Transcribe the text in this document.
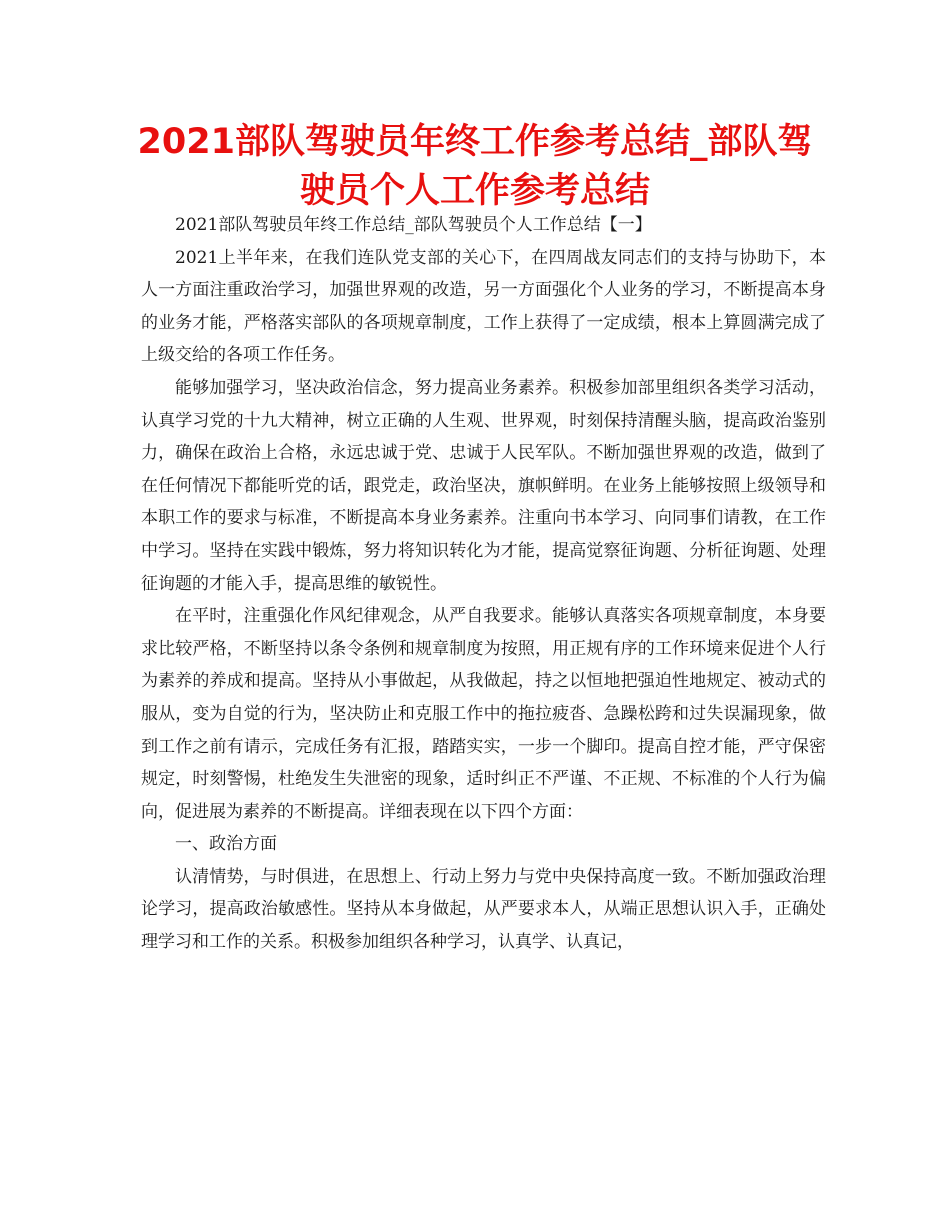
2021部队驾驶员年终工作参考总结_部队驾驶员个人工作参考总结

2021部队驾驶员年终工作总结_部队驾驶员个人工作总结【一】

2021上半年来，在我们连队党支部的关心下，在四周战友同志们的支持与协助下，本人一方面注重政治学习，加强世界观的改造，另一方面强化个人业务的学习，不断提高本身的业务才能，严格落实部队的各项规章制度，工作上获得了一定成绩，根本上算圆满完成了上级交给的各项工作任务。

能够加强学习，坚决政治信念，努力提高业务素养。积极参加部里组织各类学习活动，认真学习党的十九大精神，树立正确的人生观、世界观，时刻保持清醒头脑，提高政治鉴别力，确保在政治上合格，永远忠诚于党、忠诚于人民军队。不断加强世界观的改造，做到了在任何情况下都能听党的话，跟党走，政治坚决，旗帜鲜明。在业务上能够按照上级领导和本职工作的要求与标准，不断提高本身业务素养。注重向书本学习、向同事们请教，在工作中学习。坚持在实践中锻炼，努力将知识转化为才能，提高觉察征询题、分析征询题、处理征询题的才能入手，提高思维的敏锐性。

在平时，注重强化作风纪律观念，从严自我要求。能够认真落实各项规章制度，本身要求比较严格，不断坚持以条令条例和规章制度为按照，用正规有序的工作环境来促进个人行为素养的养成和提高。坚持从小事做起，从我做起，持之以恒地把强迫性地规定、被动式的服从，变为自觉的行为，坚决防止和克服工作中的拖拉疲沓、急躁松跨和过失误漏现象，做到工作之前有请示，完成任务有汇报，踏踏实实，一步一个脚印。提高自控才能，严守保密规定，时刻警惕，杜绝发生失泄密的现象，适时纠正不严谨、不正规、不标准的个人行为偏向，促进展为素养的不断提高。详细表现在以下四个方面：

一、政治方面

认清情势，与时俱进，在思想上、行动上努力与党中央保持高度一致。不断加强政治理论学习，提高政治敏感性。坚持从本身做起，从严要求本人，从端正思想认识入手，正确处理学习和工作的关系。积极参加组织各种学习，认真学、认真记，
